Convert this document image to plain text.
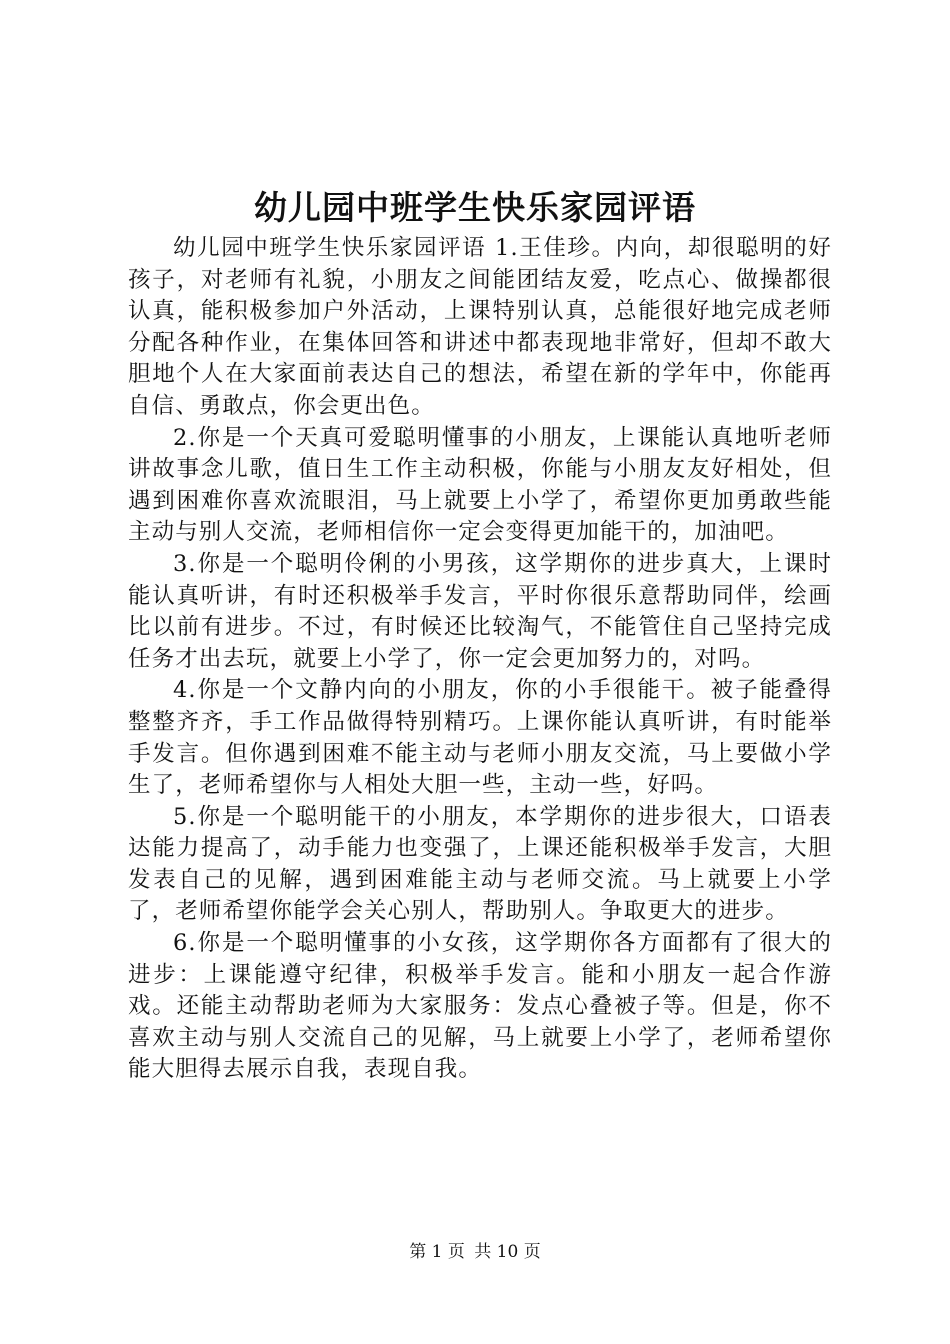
幼儿园中班学生快乐家园评语

幼儿园中班学生快乐家园评语 1.王佳珍。内向，却很聪明的好孩子，对老师有礼貌，小朋友之间能团结友爱，吃点心、做操都很认真，能积极参加户外活动，上课特别认真，总能很好地完成老师分配各种作业，在集体回答和讲述中都表现地非常好，但却不敢大胆地个人在大家面前表达自己的想法，希望在新的学年中，你能再自信、勇敢点，你会更出色。

2.你是一个天真可爱聪明懂事的小朋友，上课能认真地听老师讲故事念儿歌，值日生工作主动积极，你能与小朋友友好相处，但遇到困难你喜欢流眼泪，马上就要上小学了，希望你更加勇敢些能主动与别人交流，老师相信你一定会变得更加能干的，加油吧。

3.你是一个聪明伶俐的小男孩，这学期你的进步真大，上课时能认真听讲，有时还积极举手发言，平时你很乐意帮助同伴，绘画比以前有进步。不过，有时候还比较淘气，不能管住自己坚持完成任务才出去玩，就要上小学了，你一定会更加努力的，对吗。

4.你是一个文静内向的小朋友，你的小手很能干。被子能叠得整整齐齐，手工作品做得特别精巧。上课你能认真听讲，有时能举手发言。但你遇到困难不能主动与老师小朋友交流，马上要做小学生了，老师希望你与人相处大胆一些，主动一些，好吗。

5.你是一个聪明能干的小朋友，本学期你的进步很大，口语表达能力提高了，动手能力也变强了，上课还能积极举手发言，大胆发表自己的见解，遇到困难能主动与老师交流。马上就要上小学了，老师希望你能学会关心别人，帮助别人。争取更大的进步。

6.你是一个聪明懂事的小女孩，这学期你各方面都有了很大的进步：上课能遵守纪律，积极举手发言。能和小朋友一起合作游戏。还能主动帮助老师为大家服务：发点心叠被子等。但是，你不喜欢主动与别人交流自己的见解，马上就要上小学了，老师希望你能大胆得去展示自我，表现自我。

第 1 页 共 10 页
